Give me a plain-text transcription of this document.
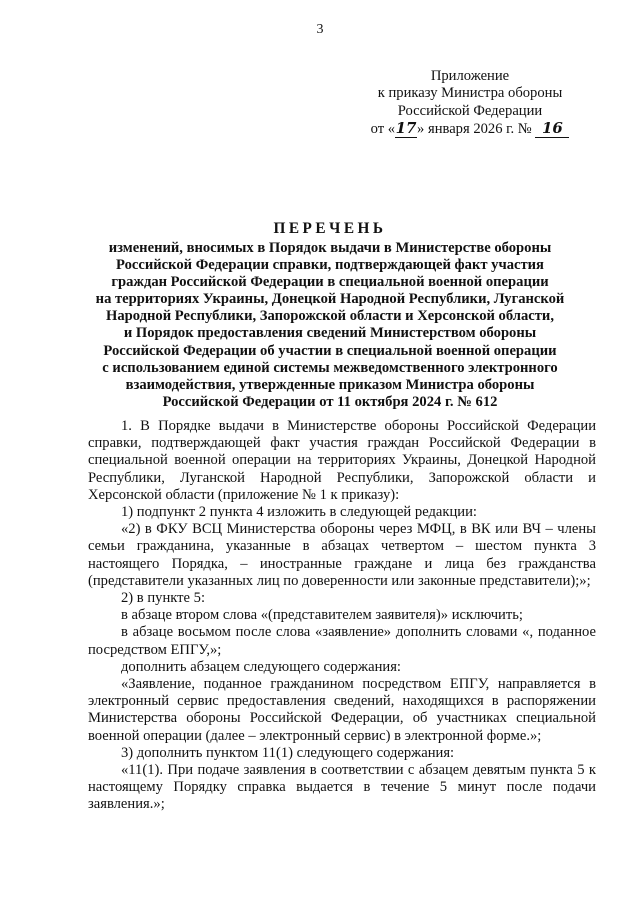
3
Приложение
к приказу Министра обороны
Российской Федерации
от «17» января 2026 г. № 16
ПЕРЕЧЕНЬ
изменений, вносимых в Порядок выдачи в Министерстве обороны
Российской Федерации справки, подтверждающей факт участия
граждан Российской Федерации в специальной военной операции
на территориях Украины, Донецкой Народной Республики, Луганской
Народной Республики, Запорожской области и Херсонской области,
и Порядок предоставления сведений Министерством обороны
Российской Федерации об участии в специальной военной операции
с использованием единой системы межведомственного электронного
взаимодействия, утвержденные приказом Министра обороны
Российской Федерации от 11 октября 2024 г. № 612

1. В Порядке выдачи в Министерстве обороны Российской Федерации справки, подтверждающей факт участия граждан Российской Федерации в специальной военной операции на территориях Украины, Донецкой Народной Республики, Луганской Народной Республики, Запорожской области и Херсонской области (приложение № 1 к приказу):

1) подпункт 2 пункта 4 изложить в следующей редакции:

«2) в ФКУ ВСЦ Министерства обороны через МФЦ, в ВК или ВЧ – члены семьи гражданина, указанные в абзацах четвертом – шестом пункта 3 настоящего Порядка, – иностранные граждане и лица без гражданства (представители указанных лиц по доверенности или законные представители);»;

2) в пункте 5:

в абзаце втором слова «(представителем заявителя)» исключить;

в абзаце восьмом после слова «заявление» дополнить словами «, поданное посредством ЕПГУ,»;

дополнить абзацем следующего содержания:

«Заявление, поданное гражданином посредством ЕПГУ, направляется в электронный сервис предоставления сведений, находящихся в распоряжении Министерства обороны Российской Федерации, об участниках специальной военной операции (далее – электронный сервис) в электронной форме.»;

3) дополнить пунктом 11(1) следующего содержания:

«11(1). При подаче заявления в соответствии с абзацем девятым пункта 5 к настоящему Порядку справка выдается в течение 5 минут после подачи заявления.»;
